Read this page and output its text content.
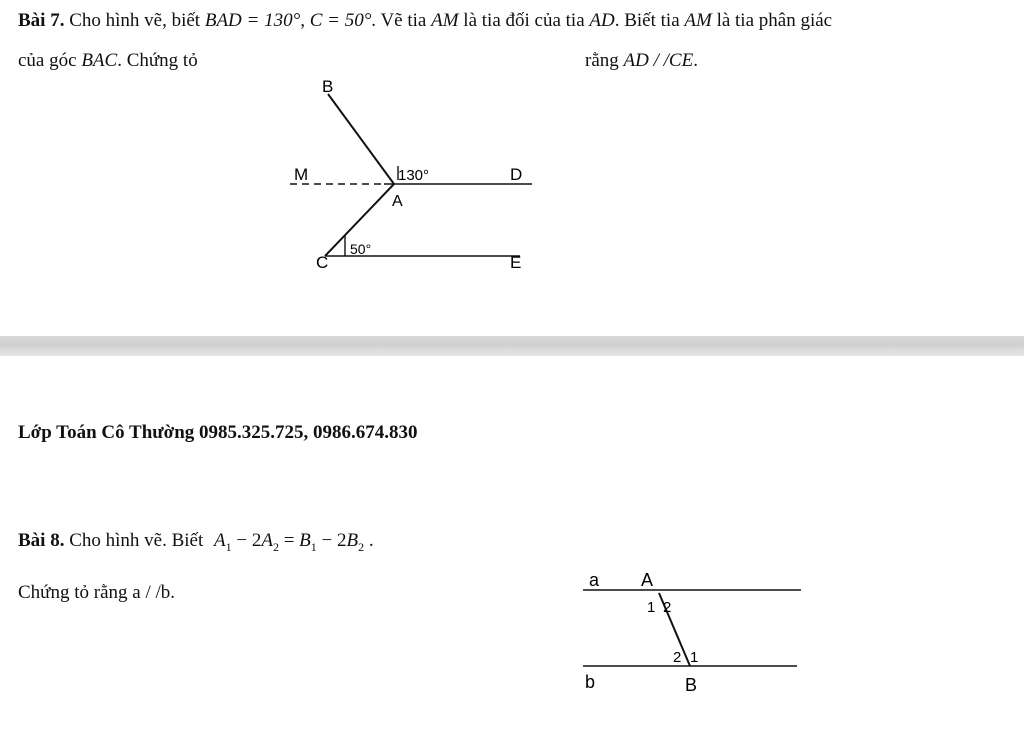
Bài 7. Cho hình vẽ, biết BAD = 130°, C = 50°. Vẽ tia AM là tia đối của tia AD. Biết tia AM là tia phân giác
của góc BAC. Chứng tỏ	rằng AD / /CE.
B
M	130°	D
A
C
50°
E
Lớp Toán Cô Thường 0985.325.725, 0986.674.830
Bài 8. Cho hình vẽ. Biết $A_1 - 2A_2 = B_1 - 2B_2$ .
Chứng tỏ rằng a / /b.
a A
1 2
2 1
b	B
